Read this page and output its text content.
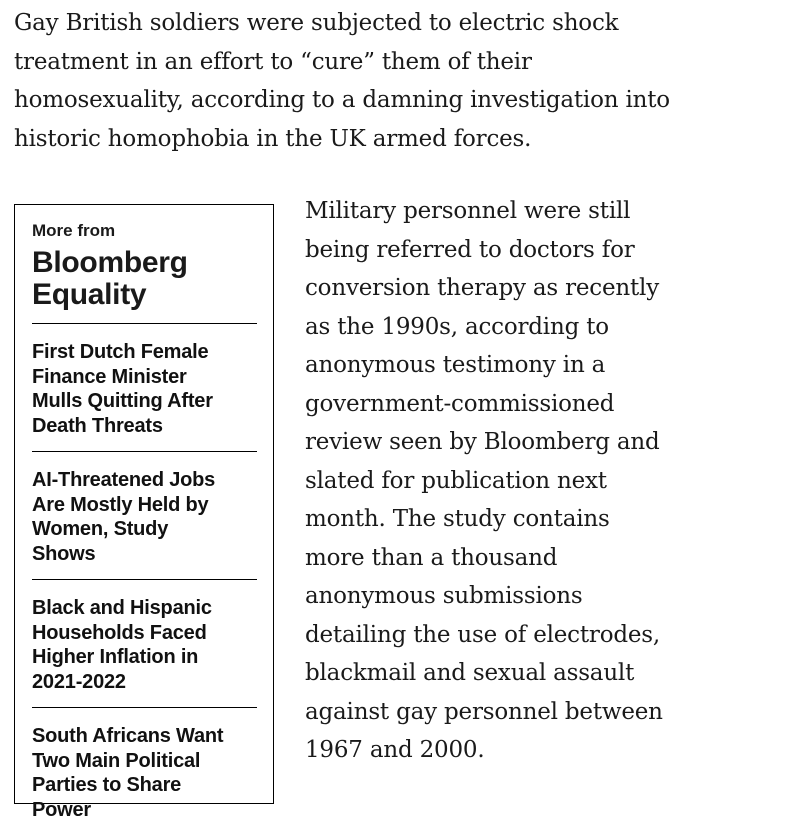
Gay British soldiers were subjected to electric shock
treatment in an effort to “cure” them of their
homosexuality, according to a damning investigation into
historic homophobia in the UK armed forces.

More from

Bloomberg
Equality
First Dutch Female
Finance Minister
Mulls Quitting After
Death Threats
AI-Threatened Jobs
Are Mostly Held by
Women, Study
Shows
Black and Hispanic
Households Faced
Higher Inflation in
2021-2022
South Africans Want
Two Main Political
Parties to Share
Power

Military personnel were still
being referred to doctors for
conversion therapy as recently
as the 1990s, according to
anonymous testimony in a
government-commissioned
review seen by Bloomberg and
slated for publication next
month. The study contains
more than a thousand
anonymous submissions
detailing the use of electrodes,
blackmail and sexual assault
against gay personnel between
1967 and 2000.
